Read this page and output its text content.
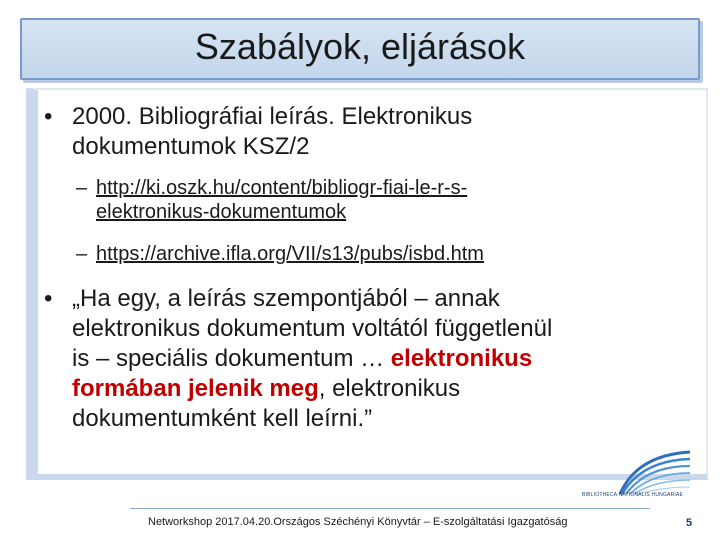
Szabályok, eljárások
• 2000. Bibliográfiai leírás. Elektronikus
dokumentumok KSZ/2
– http://ki.oszk.hu/content/bibliogr-fiai-le-r-s-
elektronikus-dokumentumok
– https://archive.ifla.org/VII/s13/pubs/isbd.htm
• „Ha egy, a leírás szempontjából – annak
elektronikus dokumentum voltától függetlenül
is – speciális dokumentum … elektronikus
formában jelenik meg, elektronikus
dokumentumként kell leírni.”
BIBLIOTHECA NATIONALIS HUNGARIAE
Networkshop 2017.04.20.Országos Széchényi Könyvtár – E-szolgáltatási Igazgatóság	5
